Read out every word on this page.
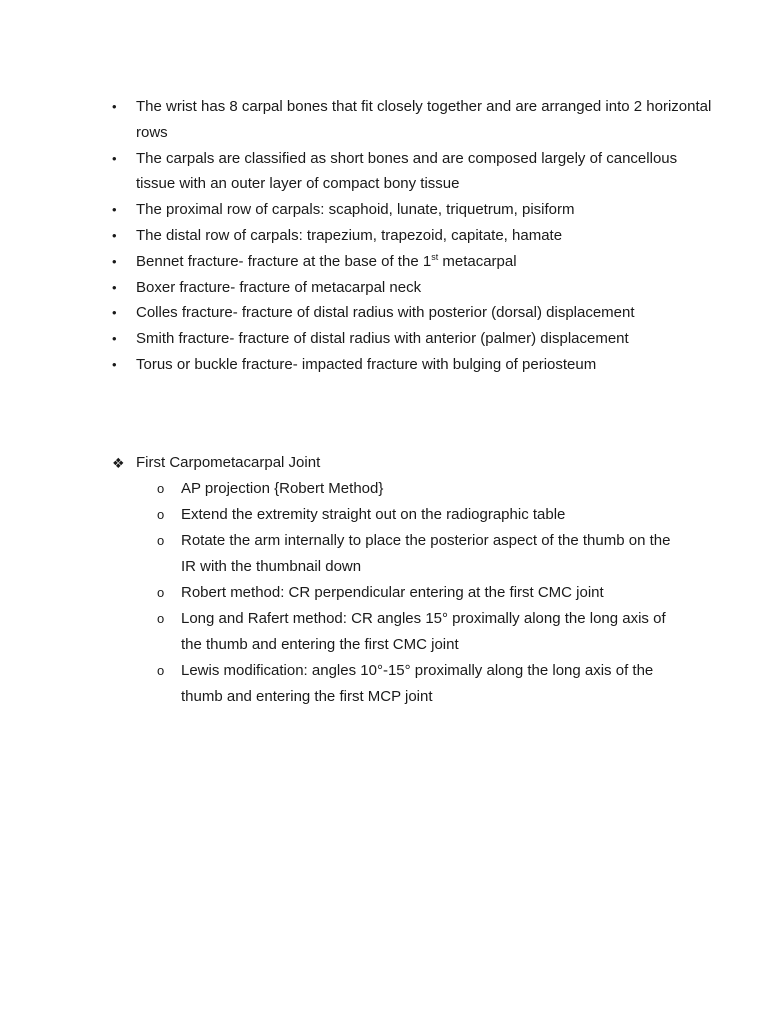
• The wrist has 8 carpal bones that fit closely together and are arranged into 2 horizontal rows
• The carpals are classified as short bones and are composed largely of cancellous tissue with an outer layer of compact bony tissue
• The proximal row of carpals: scaphoid, lunate, triquetrum, pisiform
• The distal row of carpals: trapezium, trapezoid, capitate, hamate
• Bennet fracture- fracture at the base of the 1st metacarpal
• Boxer fracture- fracture of metacarpal neck
• Colles fracture- fracture of distal radius with posterior (dorsal) displacement
• Smith fracture- fracture of distal radius with anterior (palmer) displacement
• Torus or buckle fracture- impacted fracture with bulging of periosteum
❖ First Carpometacarpal Joint
o AP projection {Robert Method}
o Extend the extremity straight out on the radiographic table
o Rotate the arm internally to place the posterior aspect of the thumb on the IR with the thumbnail down
o Robert method: CR perpendicular entering at the first CMC joint
o Long and Rafert method: CR angles 15° proximally along the long axis of the thumb and entering the first CMC joint
o Lewis modification: angles 10°-15° proximally along the long axis of the thumb and entering the first MCP joint
